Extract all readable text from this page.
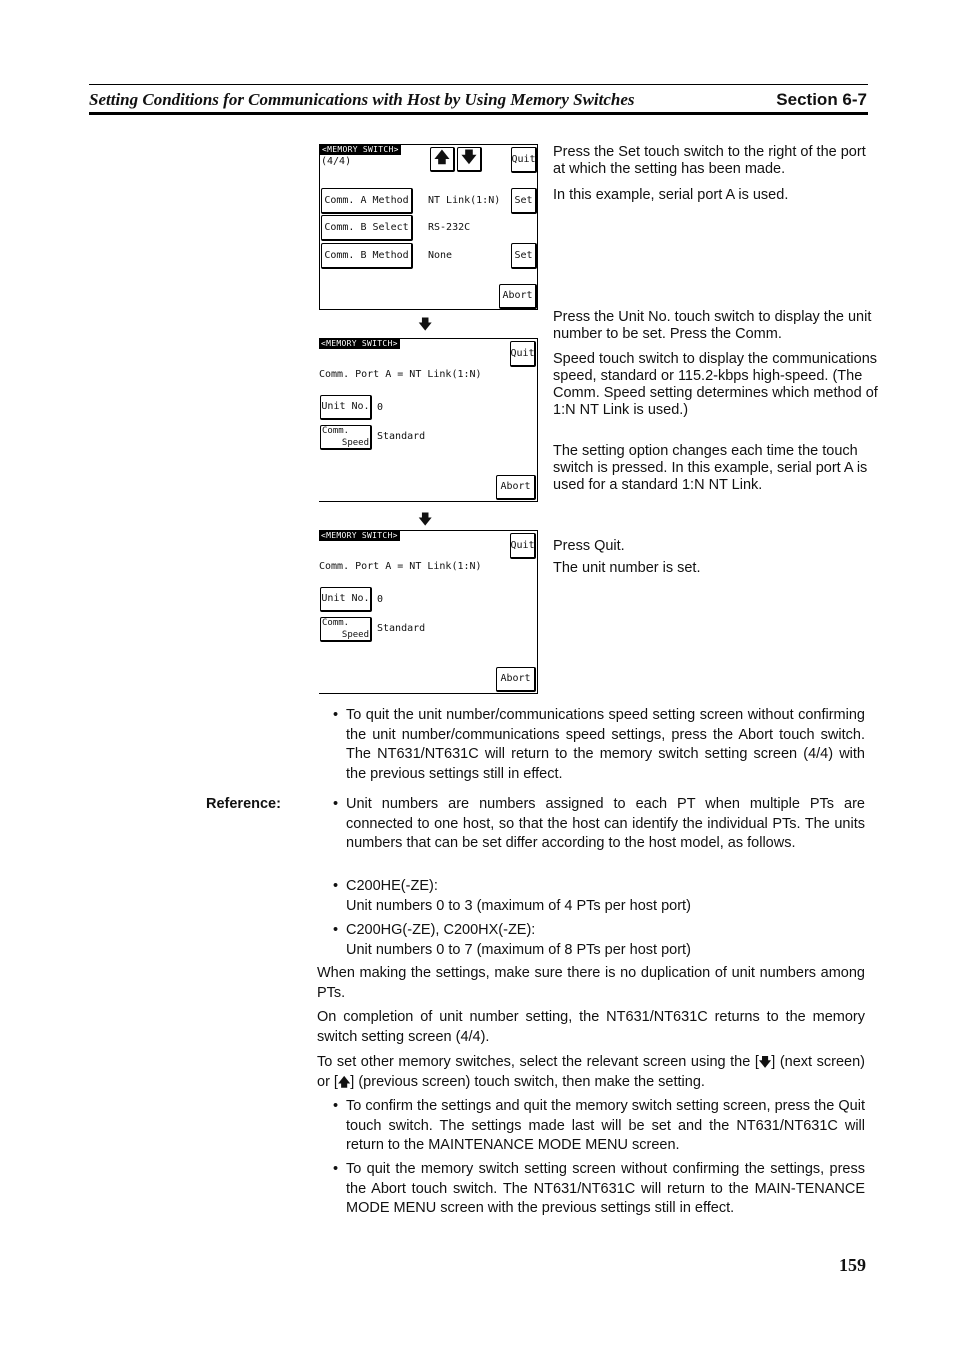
Setting Conditions for Communications with Host by Using Memory Switches	Section 6-7
<MEMORY SWITCH>
(4/4)	🡅 🡇	Quit
Comm. A Method	NT Link(1:N)	Set
Comm. B Select	RS-232C
Comm. B Method	None	Set
Abort
🡇
<MEMORY SWITCH>
Quit
Comm. Port A = NT Link(1:N)
Unit No. 0
Comm.
Speed
Standard
Abort
🡇
<MEMORY SWITCH>
Quit
Comm. Port A = NT Link(1:N)
Unit No. 0
Comm.
Speed
Standard
Abort
Press the Set touch switch to the right of the port at which the setting has been made.
In this example, serial port A is used.
Press the Unit No. touch switch to display the unit number to be set. Press the Comm.
Speed touch switch to display the communications speed, standard or 115.2-kbps high-speed. (The Comm. Speed setting determines which method of 1:N NT Link is used.)
The setting option changes each time the touch switch is pressed. In this example, serial port A is used for a standard 1:N NT Link.
Press Quit.
The unit number is set.
• To quit the unit number/communications speed setting screen without confirming the unit number/communications speed settings, press the Abort touch switch. The NT631/NT631C will return to the memory switch setting screen (4/4) with the previous settings still in effect.
Reference:
•	Unit numbers are numbers assigned to each PT when multiple PTs are connected to one host, so that the host can identify the individual PTs. The units numbers that can be set differ according to the host model, as follows.
• C200HE(-ZE):
Unit numbers 0 to 3 (maximum of 4 PTs per host port)
• C200HG(-ZE), C200HX(-ZE):
Unit numbers 0 to 7 (maximum of 8 PTs per host port)
When making the settings, make sure there is no duplication of unit numbers among PTs.
On completion of unit number setting, the NT631/NT631C returns to the memory switch setting screen (4/4).
To set other memory switches, select the relevant screen using the [🡇] (next screen) or [🡅] (previous screen) touch switch, then make the setting.
• To confirm the settings and quit the memory switch setting screen, press the Quit touch switch. The settings made last will be set and the NT631/NT631C will return to the MAINTENANCE MODE MENU screen.
• To quit the memory switch setting screen without confirming the settings, press the Abort touch switch. The NT631/NT631C will return to the MAIN-TENANCE MODE MENU screen with the previous settings still in effect.
159
